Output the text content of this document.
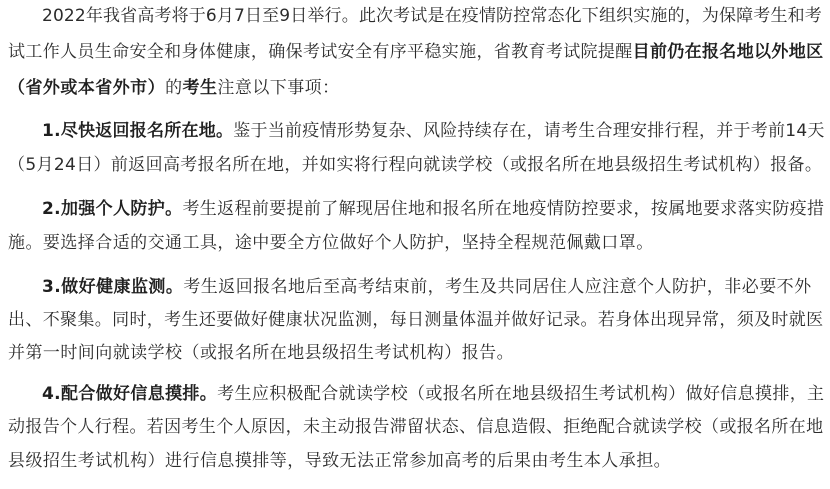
2022年我省高考将于6月7日至9日举行。此次考试是在疫情防控常态化下组织实施的，为保障考生和考
试工作人员生命安全和身体健康，确保考试安全有序平稳实施，省教育考试院提醒目前仍在报名地以外地区
（省外或本省外市）的考生注意以下事项：
1.尽快返回报名所在地。鉴于当前疫情形势复杂、风险持续存在，请考生合理安排行程，并于考前14天
（5月24日）前返回高考报名所在地，并如实将行程向就读学校（或报名所在地县级招生考试机构）报备。
2.加强个人防护。考生返程前要提前了解现居住地和报名所在地疫情防控要求，按属地要求落实防疫措
施。要选择合适的交通工具，途中要全方位做好个人防护，坚持全程规范佩戴口罩。
3.做好健康监测。考生返回报名地后至高考结束前，考生及共同居住人应注意个人防护，非必要不外
出、不聚集。同时，考生还要做好健康状况监测，每日测量体温并做好记录。若身体出现异常，须及时就医
并第一时间向就读学校（或报名所在地县级招生考试机构）报告。
4.配合做好信息摸排。考生应积极配合就读学校（或报名所在地县级招生考试机构）做好信息摸排，主
动报告个人行程。若因考生个人原因，未主动报告滞留状态、信息造假、拒绝配合就读学校（或报名所在地
县级招生考试机构）进行信息摸排等，导致无法正常参加高考的后果由考生本人承担。
